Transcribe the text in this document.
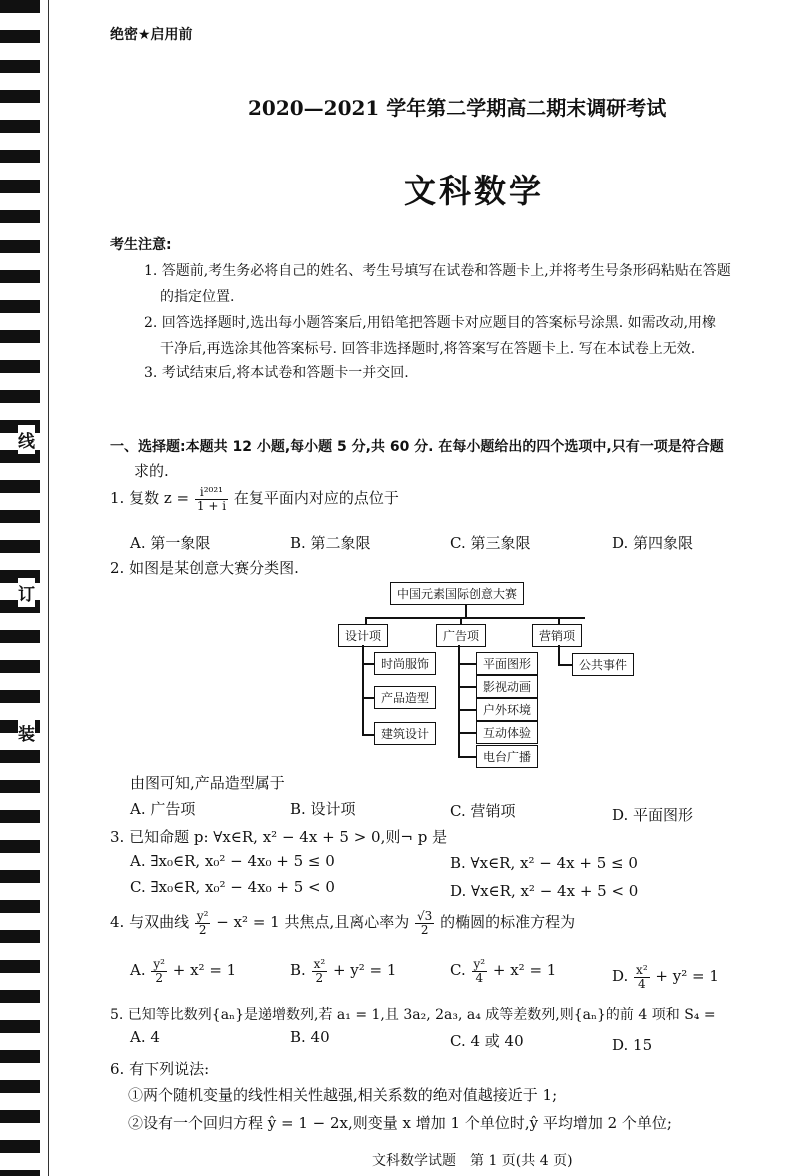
线
订
装
绝密★启用前
2020—2021 学年第二学期高二期末调研考试
文科数学
考生注意:
1. 答题前,考生务必将自己的姓名、考生号填写在试卷和答题卡上,并将考生号条形码粘贴在答题
的指定位置.
2. 回答选择题时,选出每小题答案后,用铅笔把答题卡对应题目的答案标号涂黑. 如需改动,用橡
干净后,再选涂其他答案标号. 回答非选择题时,将答案写在答题卡上. 写在本试卷上无效.
3. 考试结束后,将本试卷和答题卡一并交回.
一、选择题:本题共 12 小题,每小题 5 分,共 60 分. 在每小题给出的四个选项中,只有一项是符合题
求的.
1. 复数 $z = \frac{\text{i²⁰²¹}}{1 + i}$ 在复平面内对应的点位于
A. 第一象限	B. 第二象限	C. 第三象限	D. 第四象限
2. 如图是某创意大赛分类图.
中国元素国际创意大赛
设计项	广告项	营销项
时尚服饰
产品造型
建筑设计
平面图形
影视动画
户外环境
互动体验
电台广播
公共事件
由图可知,产品造型属于
A. 广告项	B. 设计项	C. 营销项	D. 平面图形
3. 已知命题 p: ∀x∈R, x² − 4x + 5 > 0,则¬ p 是
A. ∃x₀∈R, x₀² − 4x₀ + 5 ≤ 0	B. ∀x∈R, x² − 4x + 5 ≤ 0
C. ∃x₀∈R, x₀² − 4x₀ + 5 < 0	D. ∀x∈R, x² − 4x + 5 < 0
4. 与双曲线 $\frac{\text{y²}}{2} - x^2 = 1$ 共焦点,且离心率为 $\frac{√3}{2}$ 的椭圆的标准方程为
A. $\frac{\text{y²}}{2} + x^2 = 1$	B. $\frac{\text{x²}}{2} + y^2 = 1$	C. $\frac{\text{y²}}{4} + x^2 = 1$	D. $\frac{\text{x²}}{4} + y^2 = 1$
5. 已知等比数列{aₙ}是递增数列,若 a₁ = 1,且 3a₂, 2a₃, a₄ 成等差数列,则{aₙ}的前 4 项和 S₄ =
A. 4	B. 40	C. 4 或 40	D. 15
6. 有下列说法:
①两个随机变量的线性相关性越强,相关系数的绝对值越接近于 1;
②设有一个回归方程 ŷ = 1 − 2x,则变量 x 增加 1 个单位时,ŷ 平均增加 2 个单位;
文科数学试题　第 1 页(共 4 页)
